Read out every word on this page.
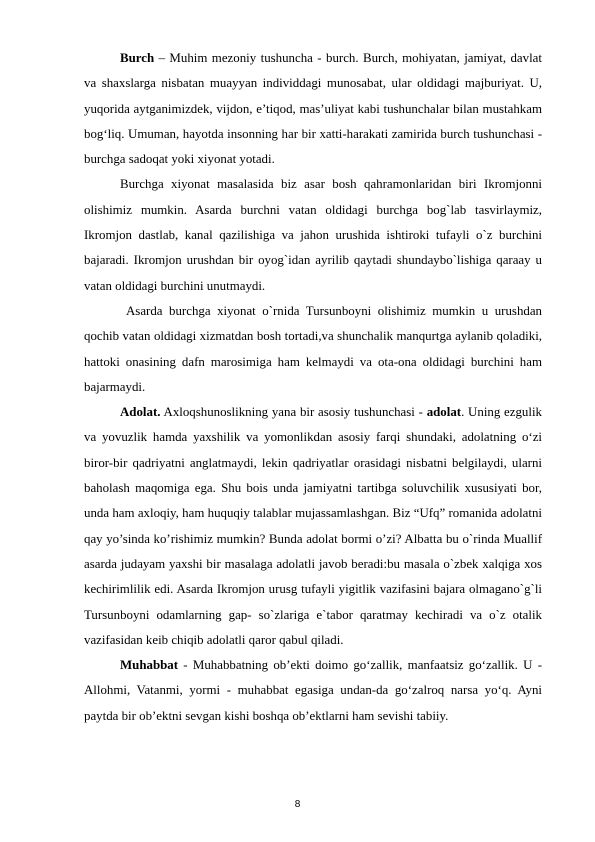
Burch – Muhim mezoniy tushuncha - burch. Burch, mohiyatan, jamiyat, davlat va shaxslarga nisbatan muayyan individdagi munosabat, ular oldidagi majburiyat. U, yuqorida aytganimizdek, vijdon, e’tiqod, mas’uliyat kabi tushunchalar bilan mustahkam bog‘liq. Umuman, hayotda insonning har bir xatti-harakati zamirida burch tushunchasi - burchga sadoqat yoki xiyonat yotadi.

Burchga xiyonat masalasida biz asar bosh qahramonlaridan biri Ikromjonni olishimiz mumkin. Asarda burchni vatan oldidagi burchga bog`lab tasvirlaymiz, Ikromjon dastlab, kanal qazilishiga va jahon urushida ishtiroki tufayli o`z burchini bajaradi. Ikromjon urushdan bir oyog`idan ayrilib qaytadi shundaybo`lishiga qaraay u vatan oldidagi burchini unutmaydi.

Asarda burchga xiyonat o`rnida Tursunboyni olishimiz mumkin u urushdan qochib vatan oldidagi xizmatdan bosh tortadi,va shunchalik manqurtga aylanib qoladiki, hattoki onasining dafn marosimiga ham kelmaydi va ota-ona oldidagi burchini ham bajarmaydi.

Adolat. Axloqshunoslikning yana bir asosiy tushunchasi - adolat. Uning ezgulik va yovuzlik hamda yaxshilik va yomonlikdan asosiy farqi shundaki, adolatning o‘zi biror-bir qadriyatni anglatmaydi, lekin qadriyatlar orasidagi nisbatni belgilaydi, ularni baholash maqomiga ega. Shu bois unda jamiyatni tartibga soluvchilik xususiyati bor, unda ham axloqiy, ham huquqiy talablar mujassamlashgan. Biz “Ufq” romanida adolatni qay yo’sinda ko’rishimiz mumkin? Bunda adolat bormi o’zi? Albatta bu o`rinda Muallif asarda judayam yaxshi bir masalaga adolatli javob beradi:bu masala o`zbek xalqiga xos kechirimlilik edi. Asarda Ikromjon urusg tufayli yigitlik vazifasini bajara olmagano`g`li Tursunboyni odamlarning gap- so`zlariga e`tabor qaratmay kechiradi va o`z otalik vazifasidan keib chiqib adolatli qaror qabul qiladi.

Muhabbat - Muhabbatning ob’ekti doimo go‘zallik, manfaatsiz go‘zallik. U - Allohmi, Vatanmi, yormi - muhabbat egasiga undan-da go‘zalroq narsa yo‘q. Ayni paytda bir ob’ektni sevgan kishi boshqa ob’ektlarni ham sevishi tabiiy.

8
